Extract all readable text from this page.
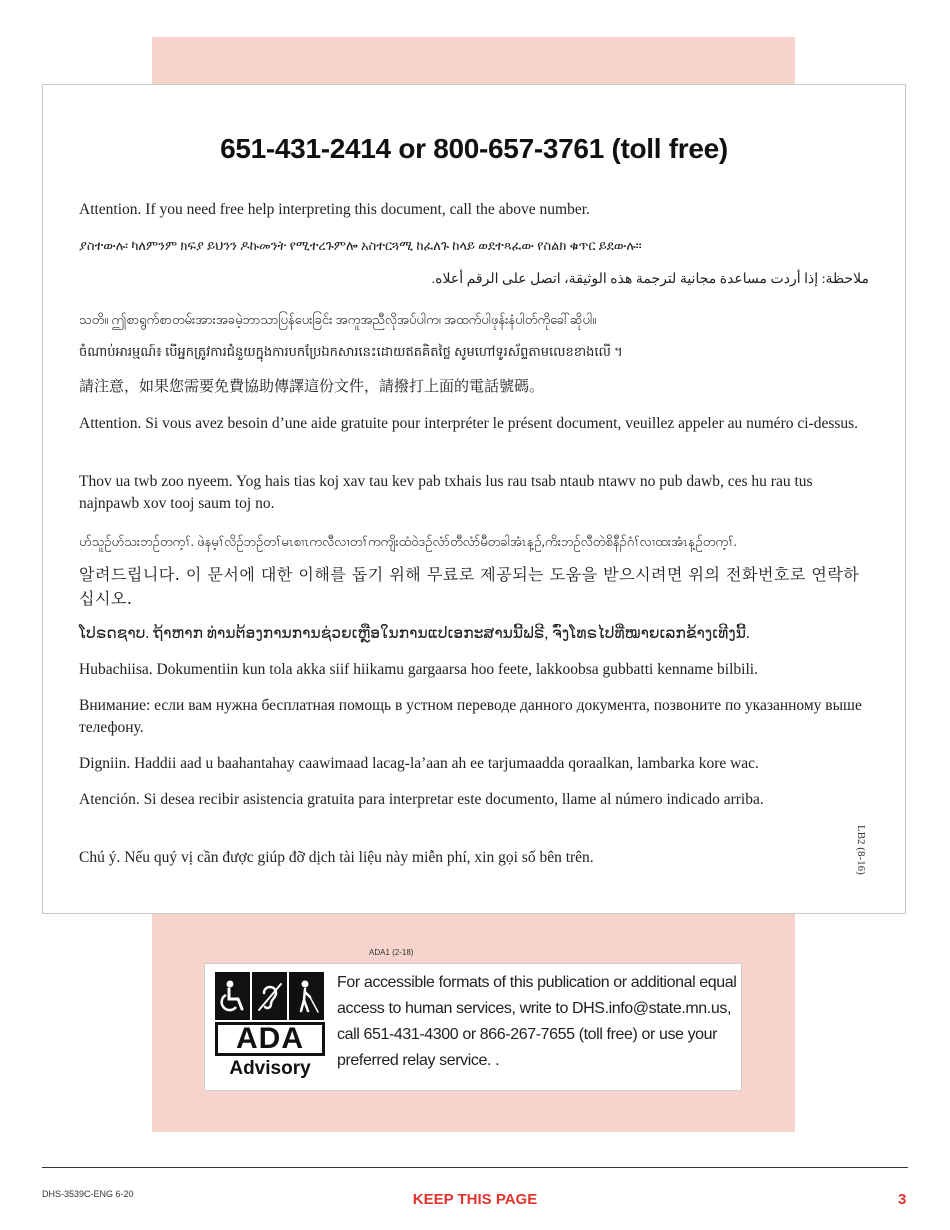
651-431-2414 or 800-657-3761 (toll free)
Attention. If you need free help interpreting this document, call the above number.
ያስተውሉ፡ ካለምንም ክፍያ ይህንን ዶኩመንት የሚተረጉምሎ አስተርጓሚ ከፈለጉ ከላይ ወደተጻፈው የስልክ ቁጥር ይደውሉ።
ملاحظة: إذا أردت مساعدة مجانية لترجمة هذه الوثيقة، اتصل على الرقم أعلاه.
သတိ။ ဤစာရွက်စာတမ်းအားအခမဲ့ဘာသာပြန်ပေးခြင်း အကူအညီလိုအပ်ပါက၊ အထက်ပါဖုန်းနံပါတ်ကိုခေါ်ဆိုပါ။
ចំណាប់អារម្មណ៍៖ បើអ្នកត្រូវការជំនួយក្នុងការបកប្រែឯកសារនេះដោយឥតគិតថ្លៃ សូមហៅទូរស័ព្ទតាមលេខខាងលើ ។
請注意，如果您需要免費協助傳譯這份文件，請撥打上面的電話號碼。
Attention. Si vous avez besoin d’une aide gratuite pour interpréter le présent document, veuillez appeler au numéro ci-dessus.
Thov ua twb zoo nyeem. Yog hais tias koj xav tau kev pab txhais lus rau tsab ntaub ntawv no pub dawb, ces hu rau tus najnpawb xov tooj saum toj no.
ဟ်သူဉ်ဟ်သးဘဉ်တက့ၢ်. ဖဲနမ့ၢ်လိဉ်ဘဉ်တၢ်မၤစၢၤကလီလၢတၢ်ကကျိးထံဝဲဒဉ်လံာ်တီလံာ်မီတခါအံၤန့ဉ်,ကိးဘဉ်လီတဲစိနီၣ်ဂံၢ်လၢထးအံၤန့ဉ်တက့ၢ်.
알려드립니다. 이 문서에 대한 이해를 돕기 위해 무료로 제공되는 도움을 받으시려면 위의 전화번호로 연락하십시오.
ໂປຣດຊາບ. ຖ້າຫາກ ທ່ານຕ້ອງການການຊ່ວຍເຫຼືອໃນການແປເອກະສານນີ້ຟຣີ, ຈົ່ງໂທຣໄປທີ່ໝາຍເລກຂ້າງເທີງນີ້.
Hubachiisa. Dokumentiin kun tola akka siif hiikamu gargaarsa hoo feete, lakkoobsa gubbatti kenname bilbili.
Внимание: если вам нужна бесплатная помощь в устном переводе данного документа, позвоните по указанному выше телефону.
Digniin. Haddii aad u baahantahay caawimaad lacag-la’aan ah ee tarjumaadda qoraalkan, lambarka kore wac.
Atención. Si desea recibir asistencia gratuita para interpretar este documento, llame al número indicado arriba.
Chú ý. Nếu quý vị cần được giúp đỡ dịch tài liệu này miễn phí, xin gọi số bên trên.	LB2 (8-16)
ADA1 (2-18)
ADA
Advisory
For accessible formats of this publication or additional equal access to human services, write to DHS.info@state.mn.us, call 651-431-4300 or 866-267-7655 (toll free) or use your preferred relay service. .
DHS-3539C-ENG 6-20	KEEP THIS PAGE	3
